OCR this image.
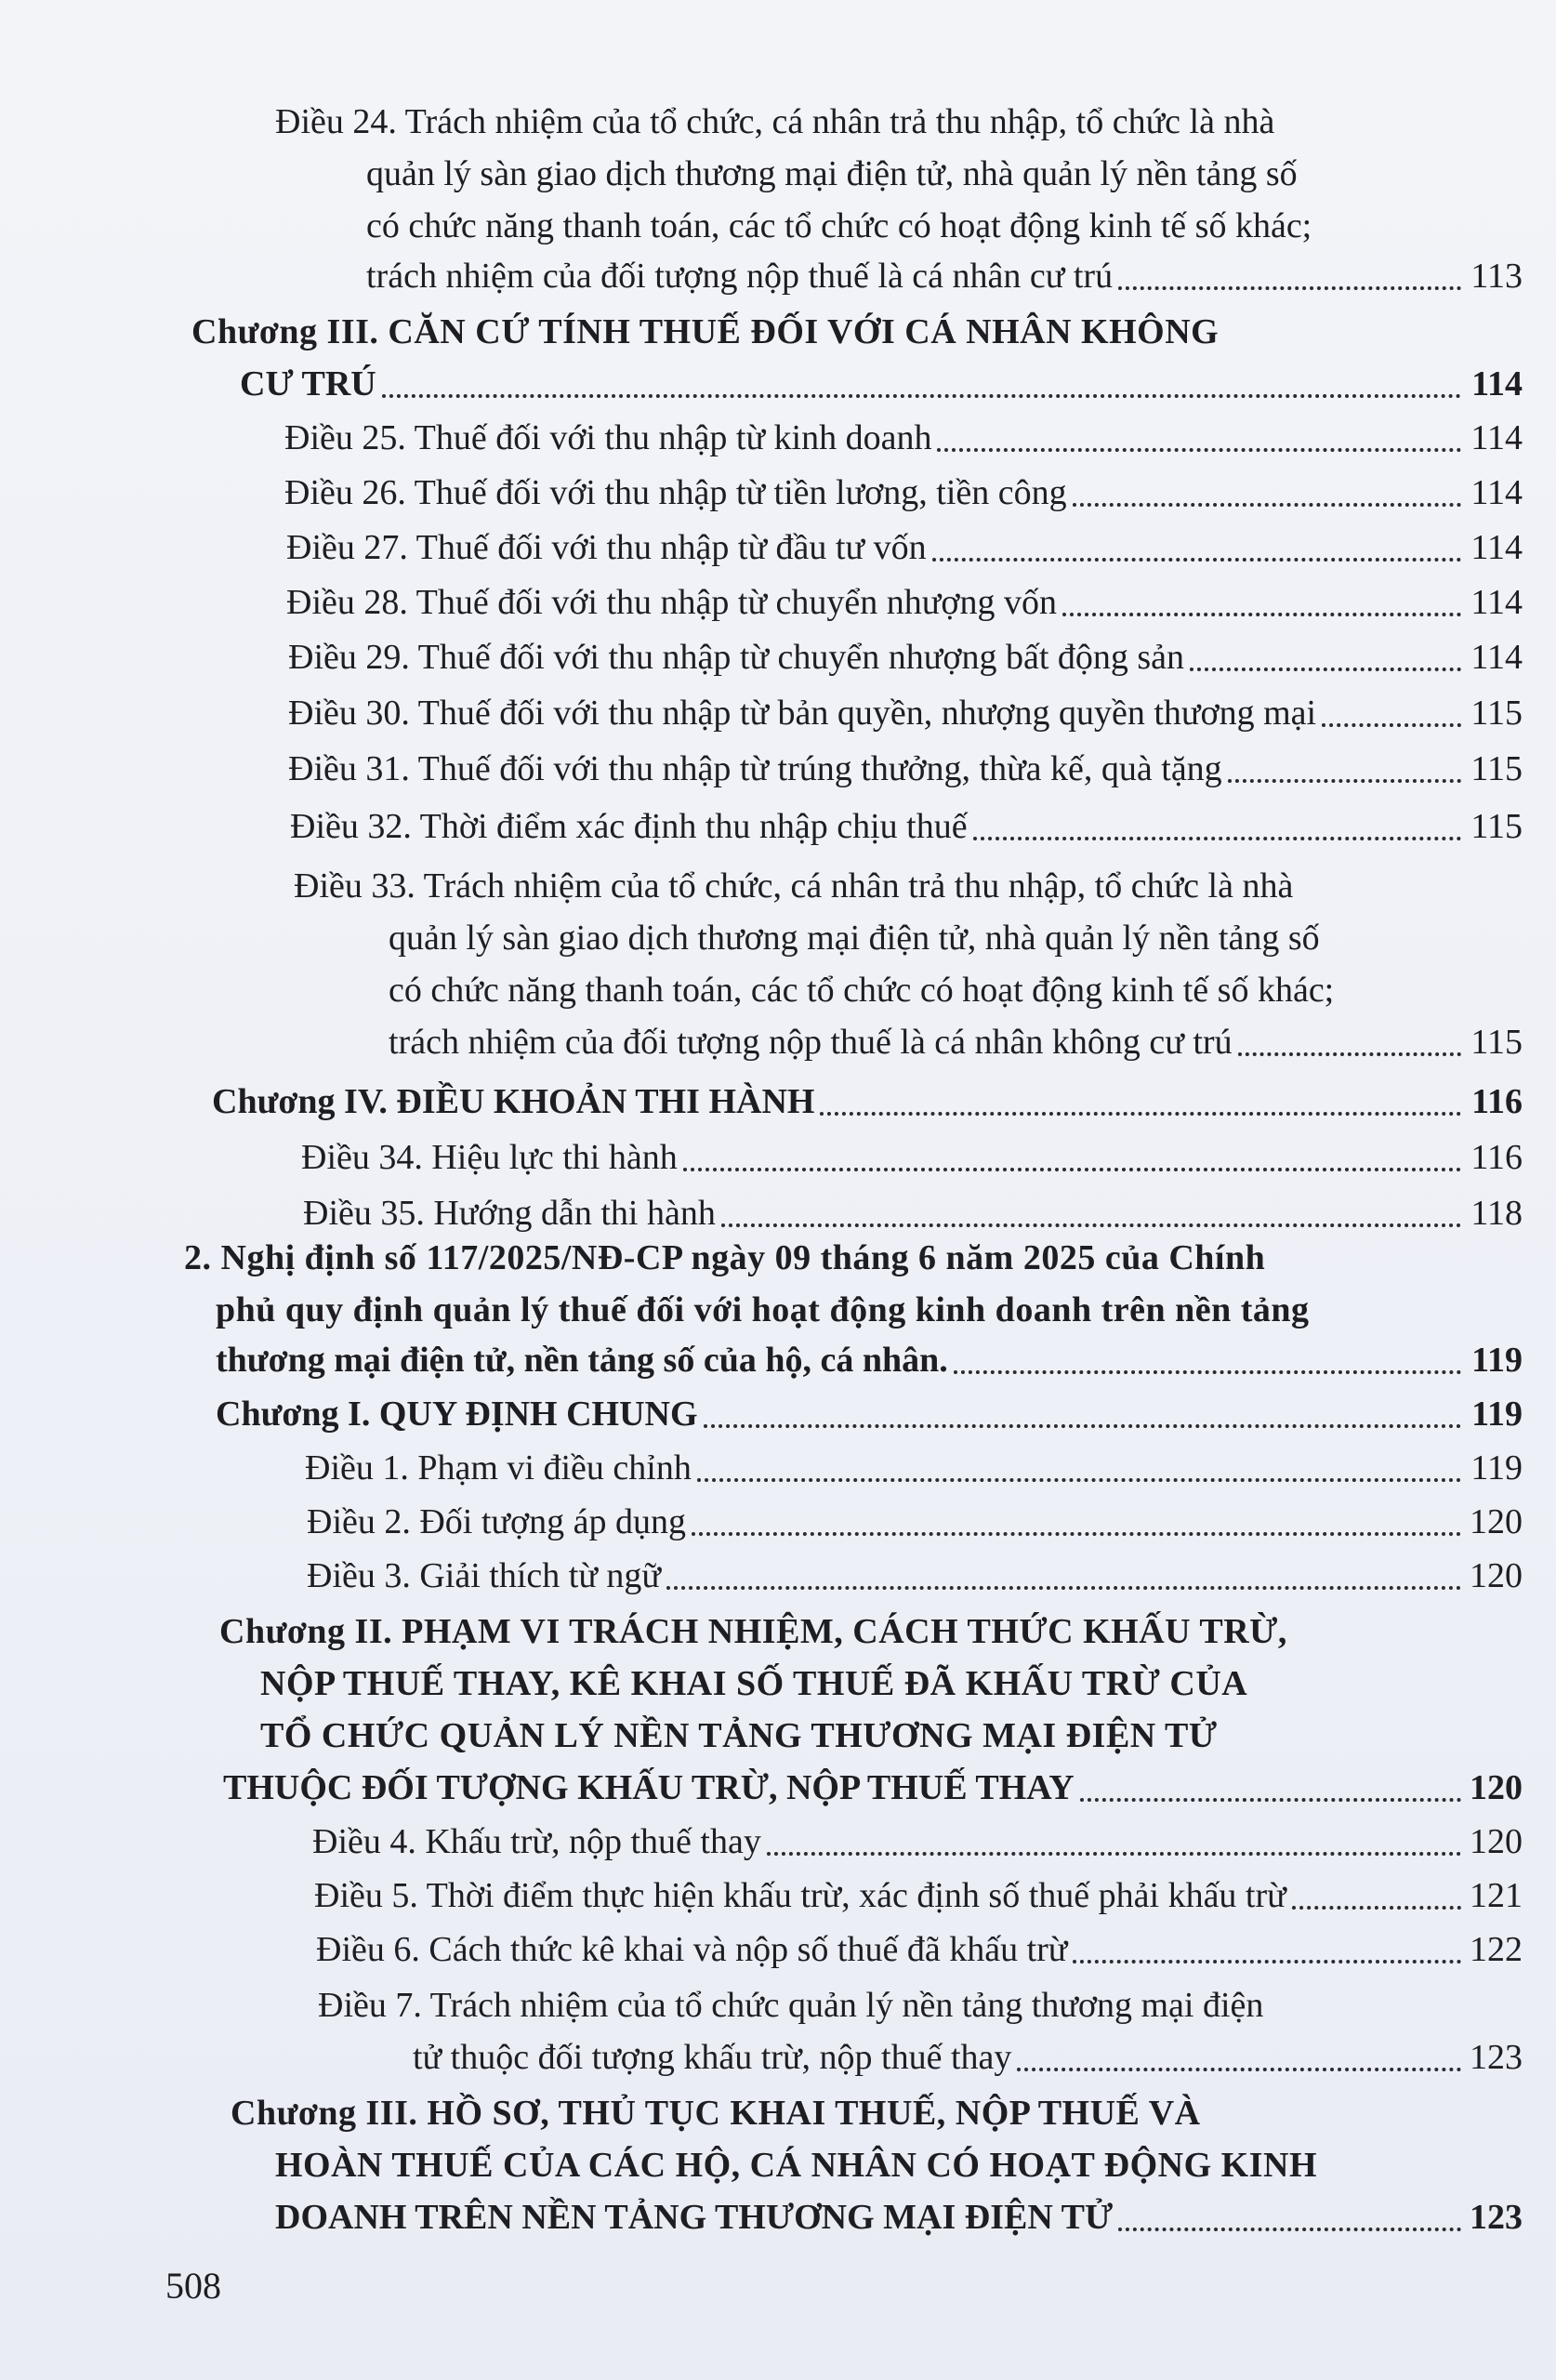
Điều 24. Trách nhiệm của tổ chức, cá nhân trả thu nhập, tổ chức là nhà
quản lý sàn giao dịch thương mại điện tử, nhà quản lý nền tảng số
có chức năng thanh toán, các tổ chức có hoạt động kinh tế số khác;
trách nhiệm của đối tượng nộp thuế là cá nhân cư trú	113
Chương III. CĂN CỨ TÍNH THUẾ ĐỐI VỚI CÁ NHÂN KHÔNG
CƯ TRÚ	114
Điều 25. Thuế đối với thu nhập từ kinh doanh	114
Điều 26. Thuế đối với thu nhập từ tiền lương, tiền công	114
Điều 27. Thuế đối với thu nhập từ đầu tư vốn	114
Điều 28. Thuế đối với thu nhập từ chuyển nhượng vốn	114
Điều 29. Thuế đối với thu nhập từ chuyển nhượng bất động sản	114
Điều 30. Thuế đối với thu nhập từ bản quyền, nhượng quyền thương mại	115
Điều 31. Thuế đối với thu nhập từ trúng thưởng, thừa kế, quà tặng	115
Điều 32. Thời điểm xác định thu nhập chịu thuế	115
Điều 33. Trách nhiệm của tổ chức, cá nhân trả thu nhập, tổ chức là nhà
quản lý sàn giao dịch thương mại điện tử, nhà quản lý nền tảng số
có chức năng thanh toán, các tổ chức có hoạt động kinh tế số khác;
trách nhiệm của đối tượng nộp thuế là cá nhân không cư trú	115
Chương IV. ĐIỀU KHOẢN THI HÀNH	116
Điều 34. Hiệu lực thi hành	116
Điều 35. Hướng dẫn thi hành	118
2. Nghị định số 117/2025/NĐ-CP ngày 09 tháng 6 năm 2025 của Chính
phủ quy định quản lý thuế đối với hoạt động kinh doanh trên nền tảng
thương mại điện tử, nền tảng số của hộ, cá nhân.	119
Chương I. QUY ĐỊNH CHUNG	119
Điều 1. Phạm vi điều chỉnh	119
Điều 2. Đối tượng áp dụng	120
Điều 3. Giải thích từ ngữ	120
Chương II. PHẠM VI TRÁCH NHIỆM, CÁCH THỨC KHẤU TRỪ,
NỘP THUẾ THAY, KÊ KHAI SỐ THUẾ ĐÃ KHẤU TRỪ CỦA
TỔ CHỨC QUẢN LÝ NỀN TẢNG THƯƠNG MẠI ĐIỆN TỬ
THUỘC ĐỐI TƯỢNG KHẤU TRỪ, NỘP THUẾ THAY	120
Điều 4. Khấu trừ, nộp thuế thay	120
Điều 5. Thời điểm thực hiện khấu trừ, xác định số thuế phải khấu trừ	121
Điều 6. Cách thức kê khai và nộp số thuế đã khấu trừ	122
Điều 7. Trách nhiệm của tổ chức quản lý nền tảng thương mại điện
tử thuộc đối tượng khấu trừ, nộp thuế thay	123
Chương III. HỒ SƠ, THỦ TỤC KHAI THUẾ, NỘP THUẾ VÀ
HOÀN THUẾ CỦA CÁC HỘ, CÁ NHÂN CÓ HOẠT ĐỘNG KINH
DOANH TRÊN NỀN TẢNG THƯƠNG MẠI ĐIỆN TỬ	123
508
